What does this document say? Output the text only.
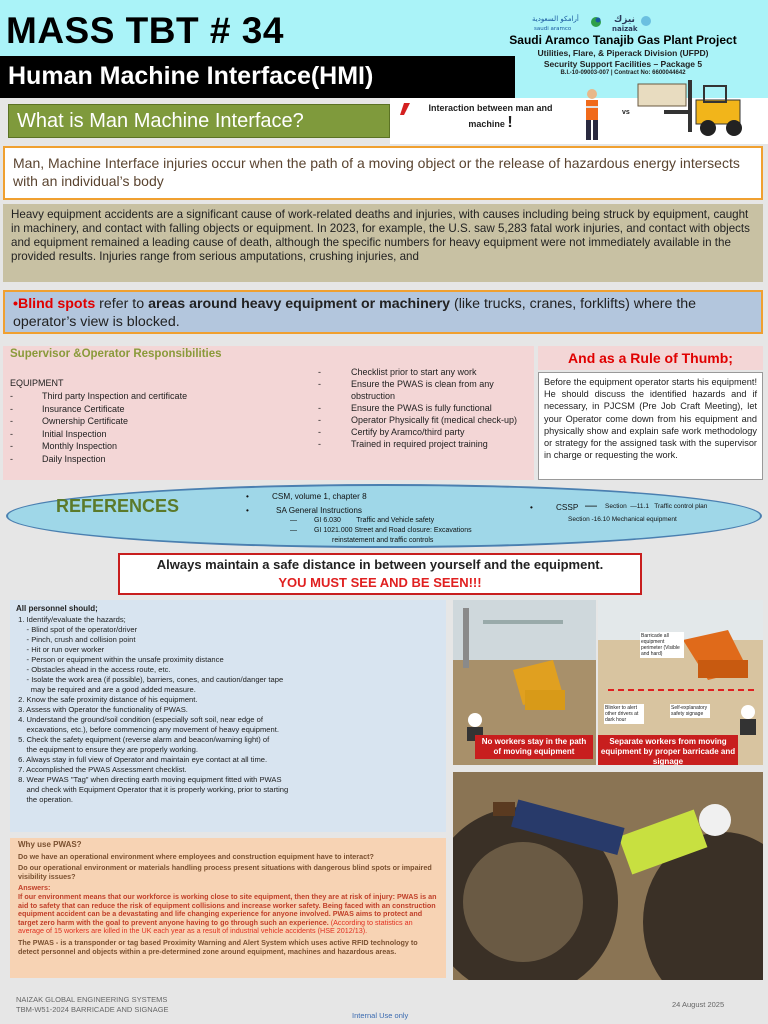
MASS TBT # 34
Human Machine Interface(HMI)
أرامكو السعودية
saudi aramco
نيزك
naizak
Saudi Aramco Tanajib Gas Plant Project
Utilities, Flare, & Piperack Division (UFPD)
Security Support Facilities – Package 5
B.I.-10-09003-007 | Contract No: 6600044642
What is Man Machine Interface?
Interaction between man and
machine !
vs
Man, Machine Interface injuries occur when the path of a moving object or the release of hazardous energy intersects with an individual’s body
Heavy equipment accidents are a significant cause of work-related deaths and injuries, with causes including being struck by equipment, caught in machinery, and contact with falling objects or equipment. In 2023, for example, the U.S. saw 5,283 fatal work injuries, and contact with objects and equipment remained a leading cause of death, although the specific numbers for heavy equipment were not immediately available in the provided results. Injuries range from serious amputations, crushing injuries, and
•Blind spots refer to areas around heavy equipment or machinery (like trucks, cranes, forklifts) where the operator’s view is blocked.
Supervisor &Operator Responsibilities
EQUIPMENT
-	Third party Inspection and certificate
-	Insurance Certificate
-	Ownership Certificate
-	Initial Inspection
-	Monthly Inspection
-	Daily Inspection
-	Checklist prior to start any work
-	Ensure the PWAS is clean from any obstruction
-	Ensure the PWAS is fully functional
-	Operator Physically fit (medical check-up)
-	Certify by Aramco/third party
-	Trained in required project training
And as a Rule of Thumb;
Before the equipment operator starts his equipment! He should discuss the identified hazards and if necessary, in PJCSM (Pre Job Craft Meeting), let your Operator come down from his equipment and physically show and explain safe work methodology or strategy for the assigned task with the supervisor in charge or requesting the work.
REFERENCES	•	CSM, volume 1, chapter 8
•	SA General Instructions
— GI 6.030        Traffic and Vehicle safety
— GI 1021.000 Street and Road closure: Excavations
reinstatement and traffic controls
•	CSSP — Section  —11.1   Traffic control plan
Section -16.10 Mechanical equipment
Always maintain a safe distance in between yourself and the equipment.
YOU MUST SEE AND BE SEEN!!!

All personnel should;

1. Identify/evaluate the hazards;

- Blind spot of the operator/driver

- Pinch, crush and collision point

- Hit or run over worker

- Person or equipment within the unsafe proximity distance

- Obstacles ahead in the access route, etc.

- Isolate the work area (if possible), barriers, cones, and caution/danger tape

may be required and are a good added measure.

2. Know the safe proximity distance of his equipment.

3. Assess with Operator the functionality of PWAS.

4. Understand the ground/soil condition (especially soft soil, near edge of

excavations, etc.), before commencing any movement of heavy equipment.

5. Check the safety equipment (reverse alarm and beacon/warning light) of

the equipment to ensure they are properly working.

6. Always stay in full view of Operator and maintain eye contact at all time.

7. Accomplished the PWAS Assessment checklist.

8. Wear PWAS "Tag" when directing earth moving equipment fitted with PWAS

and check with Equipment Operator that it is properly working, prior to starting

the operation.

Why use PWAS?

Do we have an operational environment where employees and construction equipment have to interact?

Do our operational environment or materials handling process present situations with dangerous blind spots or impaired visibility issues?

Answers:
If our environment means that our workforce is working close to site equipment, then they are at risk of injury: PWAS is an aid to safety that can reduce the risk of equipment collisions and increase worker safety. Being faced with an construction equipment accident can be a devastating and life changing experience for anyone involved. PWAS aims to protect and target zero harm with the goal to prevent anyone having to go through such an experience. (According to statistics an average of 15 workers are killed in the UK each year as a result of industrial vehicle accidents (HSE 2012/13).

The PWAS - is a transponder or tag based Proximity Warning and Alert System which uses active RFID technology to detect personnel and objects within a pre-determined zone around equipment, machines and hazardous areas.

No workers stay in the path of moving equipment
Barricade all equipment perimeter (Visible and hard)
Blinker to alert other drivers at dark hour
Self-explanatory safety signage
Separate workers from moving equipment by proper barricade and signage
NAIZAK GLOBAL ENGINEERING SYSTEMS
TBM-W51-2024 BARRICADE AND SIGNAGE
Internal Use only
24 August 2025
